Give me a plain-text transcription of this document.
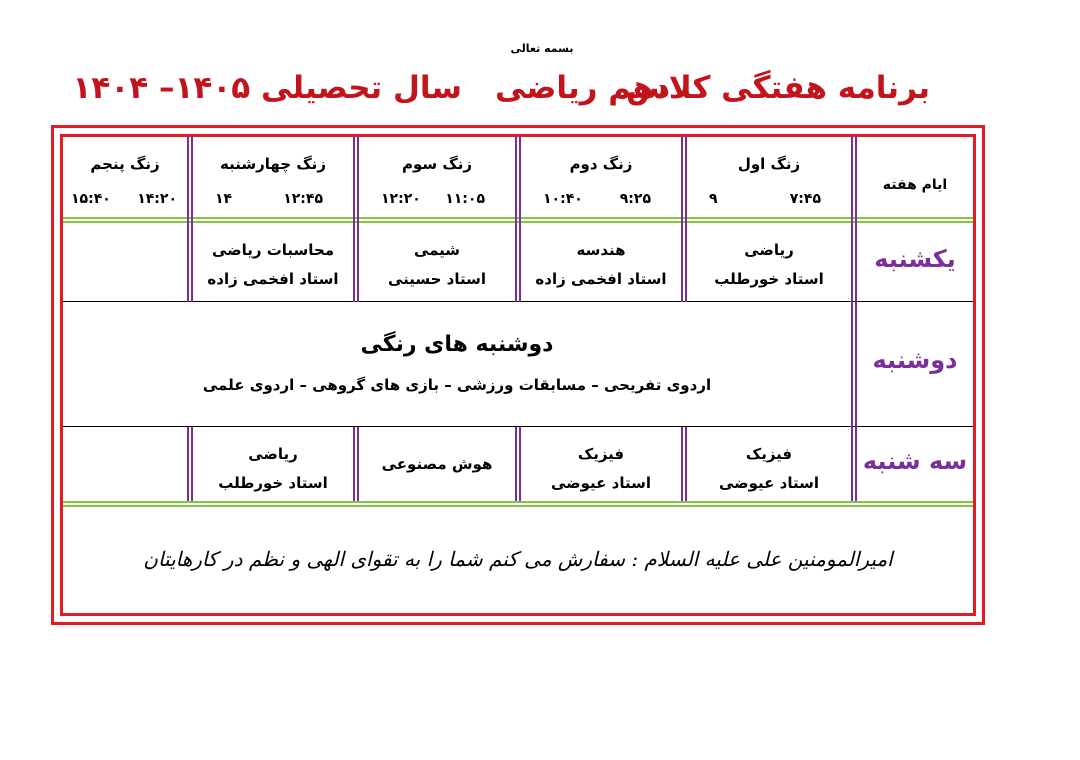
بسمه تعالی
برنامه هفتگی کلاس
دهم ریاضی
سال تحصیلی ۱۴۰۵– ۱۴۰۴
ایام هفته
زنگ اول
۷:۴۵
۹
زنگ دوم
۹:۲۵
۱۰:۴۰
زنگ سوم
۱۱:۰۵
۱۲:۲۰
زنگ چهارشنبه
۱۲:۴۵
۱۴
زنگ پنجم
۱۴:۲۰
۱۵:۴۰
یکشنبه
ریاضی
استاد خورطلب
هندسه
استاد افخمی زاده
شیمی
استاد حسینی
محاسبات ریاضی
استاد افخمی زاده
دوشنبه
دوشنبه های رنگی
اردوی تفریحی – مسابقات ورزشی – بازی های گروهی – اردوی علمی
سه شنبه
فیزیک
استاد عیوضی
فیزیک
استاد عیوضی
هوش مصنوعی
ریاضی
استاد خورطلب
امیرالمومنین علی علیه السلام : سفارش می کنم شما را به تقوای الهی و نظم در کارهایتان
